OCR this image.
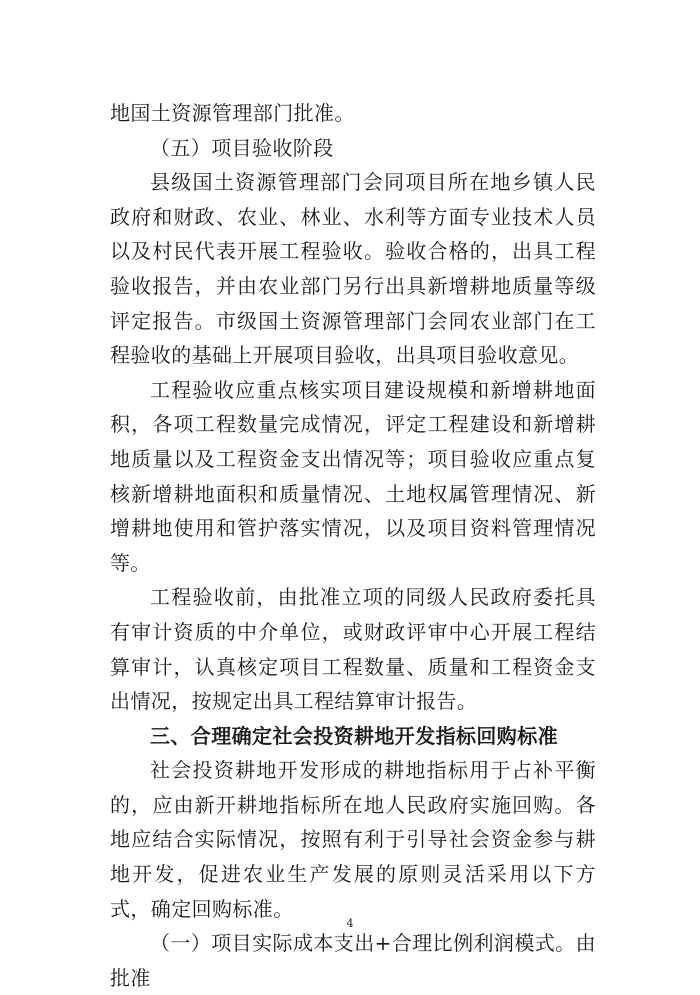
地国土资源管理部门批准。

（五）项目验收阶段

县级国土资源管理部门会同项目所在地乡镇人民政府和财政、农业、林业、水利等方面专业技术人员以及村民代表开展工程验收。验收合格的，出具工程验收报告，并由农业部门另行出具新增耕地质量等级评定报告。市级国土资源管理部门会同农业部门在工程验收的基础上开展项目验收，出具项目验收意见。

工程验收应重点核实项目建设规模和新增耕地面积，各项工程数量完成情况，评定工程建设和新增耕地质量以及工程资金支出情况等；项目验收应重点复核新增耕地面积和质量情况、土地权属管理情况、新增耕地使用和管护落实情况，以及项目资料管理情况等。

工程验收前，由批准立项的同级人民政府委托具有审计资质的中介单位，或财政评审中心开展工程结算审计，认真核定项目工程数量、质量和工程资金支出情况，按规定出具工程结算审计报告。

三、合理确定社会投资耕地开发指标回购标准

社会投资耕地开发形成的耕地指标用于占补平衡的，应由新开耕地指标所在地人民政府实施回购。各地应结合实际情况，按照有利于引导社会资金参与耕地开发，促进农业生产发展的原则灵活采用以下方式，确定回购标准。

（一）项目实际成本支出+合理比例利润模式。由批准

4
